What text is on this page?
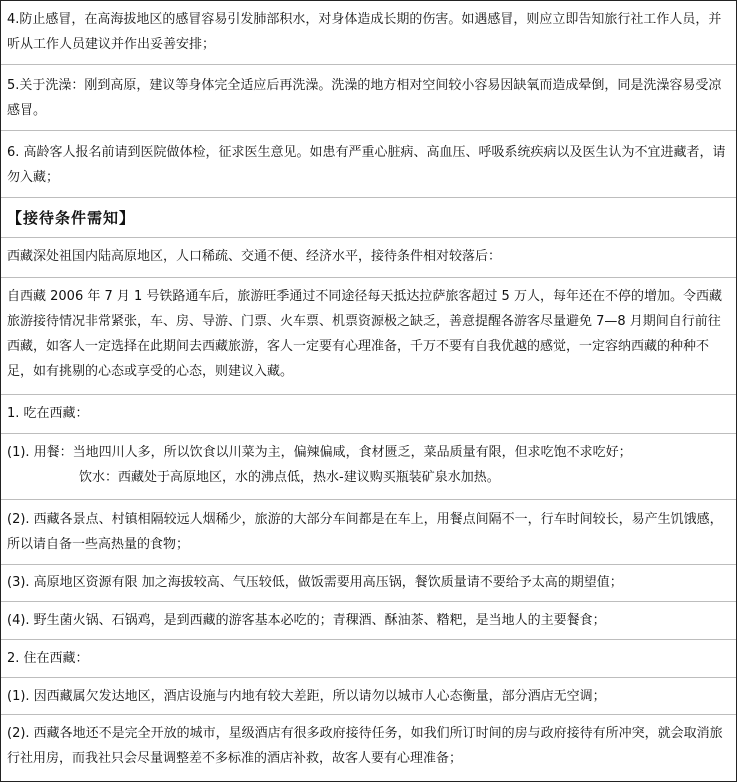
4.防止感冒，在高海拔地区的感冒容易引发肺部积水，对身体造成长期的伤害。如遇感冒，则应立即告知旅行社工作人员，并听从工作人员建议并作出妥善安排；

5.关于洗澡：刚到高原，建议等身体完全适应后再洗澡。洗澡的地方相对空间较小容易因缺氧而造成晕倒，同是洗澡容易受凉感冒。

6. 高龄客人报名前请到医院做体检，征求医生意见。如患有严重心脏病、高血压、呼吸系统疾病以及医生认为不宜进藏者，请勿入藏；

【接待条件需知】

西藏深处祖国内陆高原地区，人口稀疏、交通不便、经济水平，接待条件相对较落后：

自西藏 2006 年 7 月 1 号铁路通车后，旅游旺季通过不同途径每天抵达拉萨旅客超过 5 万人，每年还在不停的增加。令西藏旅游接待情况非常紧张，车、房、导游、门票、火车票、机票资源极之缺乏，善意提醒各游客尽量避免 7—8 月期间自行前往西藏，如客人一定选择在此期间去西藏旅游，客人一定要有心理准备，千万不要有自我优越的感觉，一定容纳西藏的种种不足，如有挑剔的心态或享受的心态，则建议入藏。

1. 吃在西藏：

(1). 用餐：当地四川人多，所以饮食以川菜为主，偏辣偏咸，食材匮乏，菜品质量有限，但求吃饱不求吃好；

饮水：西藏处于高原地区，水的沸点低，热水-建议购买瓶装矿泉水加热。

(2). 西藏各景点、村镇相隔较远人烟稀少，旅游的大部分车间都是在车上，用餐点间隔不一，行车时间较长，易产生饥饿感，所以请自备一些高热量的食物；

(3). 高原地区资源有限 加之海拔较高、气压较低，做饭需要用高压锅，餐饮质量请不要给予太高的期望值；

(4). 野生菌火锅、石锅鸡，是到西藏的游客基本必吃的；青稞酒、酥油茶、糌粑，是当地人的主要餐食；

2. 住在西藏：

(1). 因西藏属欠发达地区，酒店设施与内地有较大差距，所以请勿以城市人心态衡量，部分酒店无空调；

(2). 西藏各地还不是完全开放的城市，星级酒店有很多政府接待任务，如我们所订时间的房与政府接待有所冲突，就会取消旅行社用房，而我社只会尽量调整差不多标准的酒店补救，故客人要有心理准备；
